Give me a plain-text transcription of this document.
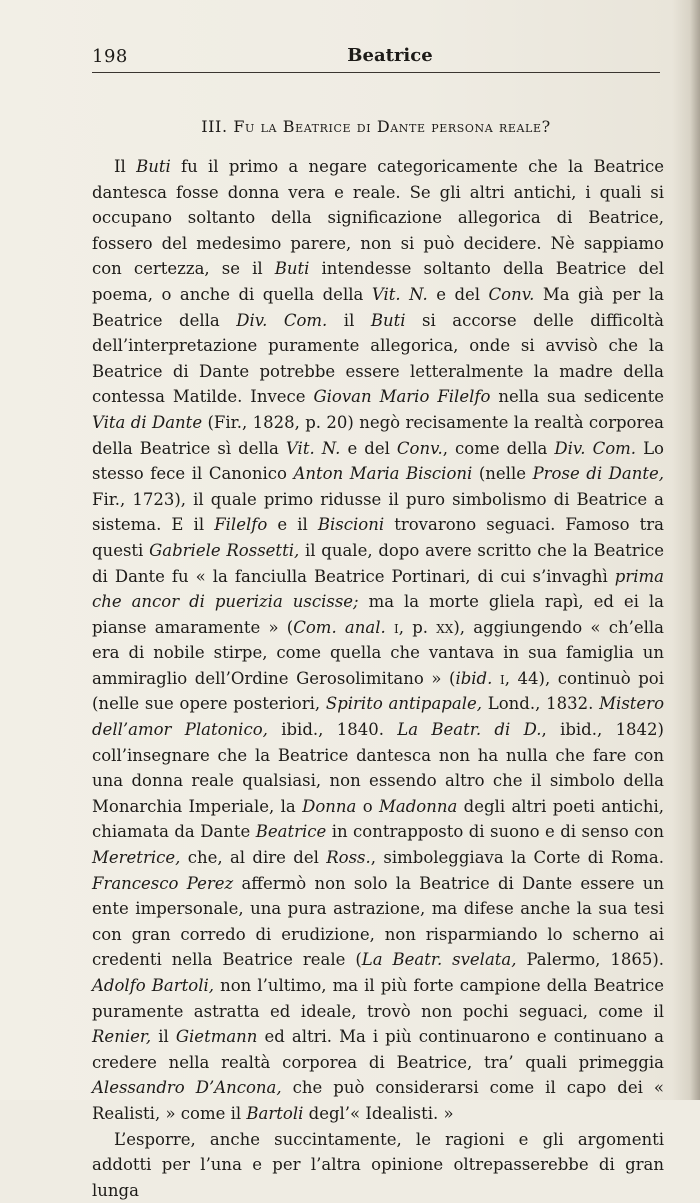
198	Beatrice
III. Fu la Beatrice di Dante persona reale?

Il Buti fu il primo a negare categoricamente che la Beatrice dantesca fosse donna vera e reale. Se gli altri antichi, i quali si occupano soltanto della significazione allegorica di Beatrice, fossero del medesimo parere, non si può decidere. Nè sappiamo con certezza, se il Buti intendesse soltanto della Beatrice del poema, o anche di quella della Vit. N. e del Conv. Ma già per la Beatrice della Div. Com. il Buti si accorse delle difficoltà dell’interpretazione puramente allegorica, onde si avvisò che la Beatrice di Dante potrebbe essere letteralmente la madre della contessa Matilde. Invece Giovan Mario Filelfo nella sua sedicente Vita di Dante (Fir., 1828, p. 20) negò recisamente la realtà corporea della Beatrice sì della Vit. N. e del Conv., come della Div. Com. Lo stesso fece il Canonico Anton Maria Biscioni (nelle Prose di Dante, Fir., 1723), il quale primo ridusse il puro simbolismo di Beatrice a sistema. E il Filelfo e il Biscioni trovarono seguaci. Famoso tra questi Gabriele Rossetti, il quale, dopo avere scritto che la Beatrice di Dante fu « la fanciulla Beatrice Portinari, di cui s’invaghì prima che ancor di puerizia uscisse; ma la morte gliela rapì, ed ei la pianse amaramente » (Com. anal. i, p. xx), aggiungendo « ch’ella era di nobile stirpe, come quella che vantava in sua famiglia un ammiraglio dell’Ordine Gerosolimitano » (ibid. i, 44), continuò poi (nelle sue opere posteriori, Spirito antipapale, Lond., 1832. Mistero dell’amor Platonico, ibid., 1840. La Beatr. di D., ibid., 1842) coll’insegnare che la Beatrice dantesca non ha nulla che fare con una donna reale qualsiasi, non essendo altro che il simbolo della Monarchia Imperiale, la Donna o Madonna degli altri poeti antichi, chiamata da Dante Beatrice in contrapposto di suono e di senso con Meretrice, che, al dire del Ross., simboleggiava la Corte di Roma. Francesco Perez affermò non solo la Beatrice di Dante essere un ente impersonale, una pura astrazione, ma difese anche la sua tesi con gran corredo di erudizione, non risparmiando lo scherno ai credenti nella Beatrice reale (La Beatr. svelata, Palermo, 1865). Adolfo Bartoli, non l’ultimo, ma il più forte campione della Beatrice puramente astratta ed ideale, trovò non pochi seguaci, come il Renier, il Gietmann ed altri. Ma i più continuarono e continuano a credere nella realtà corporea di Beatrice, tra’ quali primeggia Alessandro D’Ancona, che può considerarsi come il capo dei « Realisti, » come il Bartoli degl’« Idealisti. »

L’esporre, anche succintamente, le ragioni e gli argomenti addotti per l’una e per l’altra opinione oltrepasserebbe di gran lunga
